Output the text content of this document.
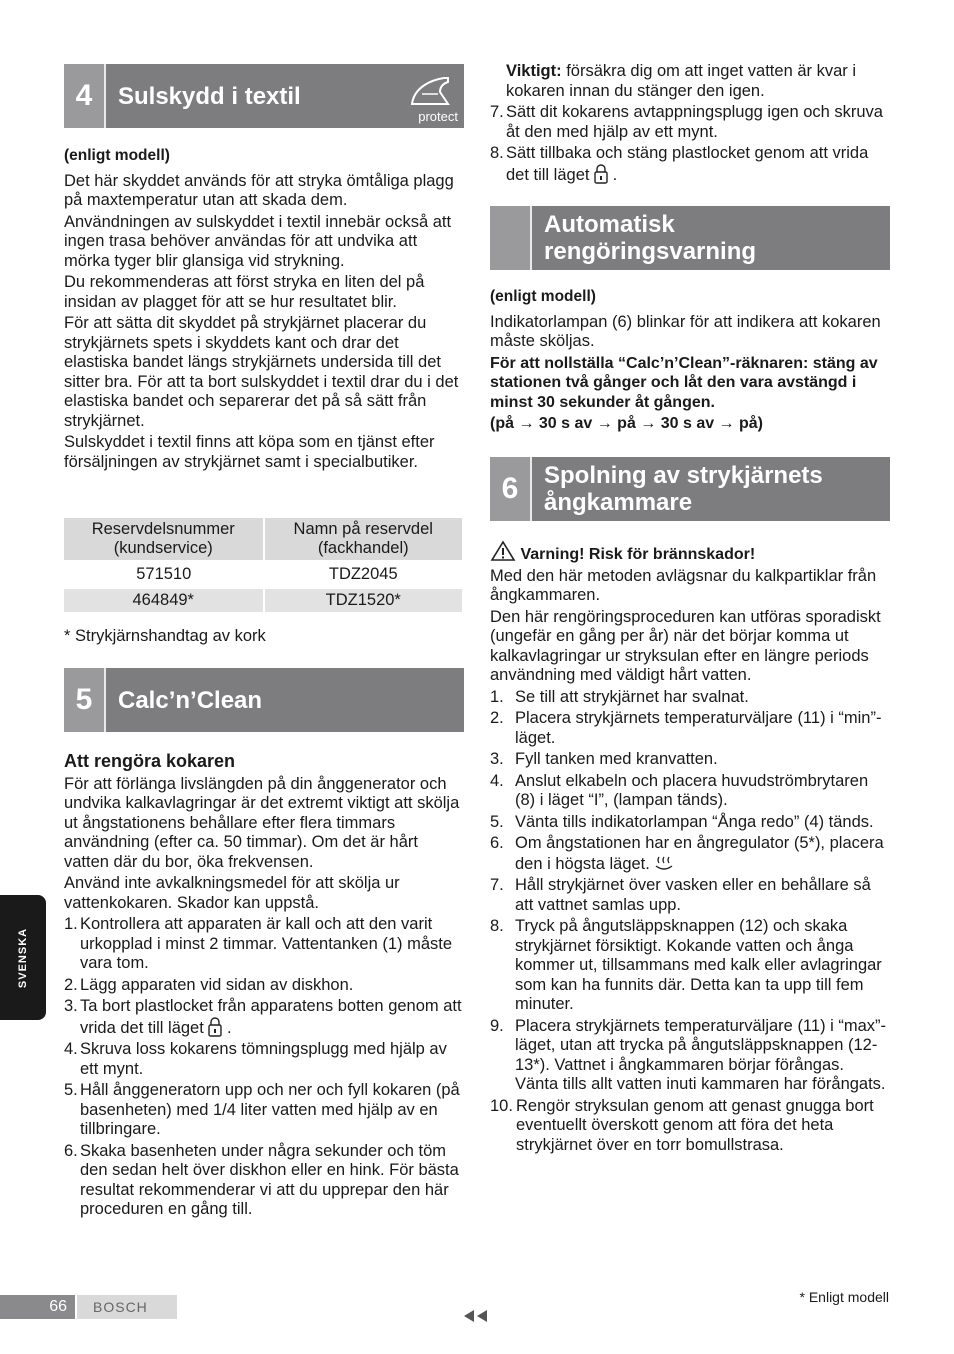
4	Sulskydd i textil
protect

(enligt modell)

Det här skyddet används för att stryka ömtåliga plagg på maxtemperatur utan att skada dem.

Användningen av sulskyddet i textil innebär också att ingen trasa behöver användas för att undvika att mörka tyger blir glansiga vid strykning.

Du rekommenderas att först stryka en liten del på insidan av plagget för att se hur resultatet blir.

För att sätta dit skyddet på strykjärnet placerar du strykjärnets spets i skyddets kant och drar det elastiska bandet längs strykjärnets undersida till det sitter bra. För att ta bort sulskyddet i textil drar du i det elastiska bandet och separerar det på så sätt från strykjärnet.

Sulskyddet i textil finns att köpa som en tjänst efter försäljningen av strykjärnet samt i specialbutiker.

Reservdelsnummer (kundservice)	Namn på reservdel (fackhandel)
571510	TDZ2045
464849*	TDZ1520*
* Strykjärnshandtag av kork
5	Calc’n’Clean

Att rengöra kokaren

För att förlänga livslängden på din ånggenerator och undvika kalkavlagringar är det extremt viktigt att skölja ut ångstationens behållare efter flera timmars användning (efter ca. 50 timmar). Om det är hårt vatten där du bor, öka frekvensen.

Använd inte avkalkningsmedel för att skölja ur vattenkokaren. Skador kan uppstå.

1. Kontrollera att apparaten är kall och att den varit urkopplad i minst 2 timmar. Vattentanken (1) måste vara tom.
2. Lägg apparaten vid sidan av diskhon.
3. Ta bort plastlocket från apparatens botten genom att vrida det till läget  .
4. Skruva loss kokarens tömningsplugg med hjälp av ett mynt.
5. Håll ånggeneratorn upp och ner och fyll kokaren (på basenheten) med 1/4 liter vatten med hjälp av en tillbringare.
6. Skaka basenheten under några sekunder och töm den sedan helt över diskhon eller en hink. För bästa resultat rekommenderar vi att du upprepar den här proceduren en gång till.

Viktigt: försäkra dig om att inget vatten är kvar i kokaren innan du stänger den igen.

7. Sätt dit kokarens avtappningsplugg igen och skruva åt den med hjälp av ett mynt.
8. Sätt tillbaka och stäng plastlocket genom att vrida det till läget  .
Automatisk rengöringsvarning

(enligt modell)

Indikatorlampan (6) blinkar för att indikera att kokaren måste sköljas.

För att nollställa “Calc’n’Clean”-räknaren: stäng av stationen två gånger och låt den vara avstängd i minst 30 sekunder åt gången.

(på → 30 s av → på → 30 s av → på)

6	Spolning av strykjärnets ångkammare

Varning! Risk för brännskador!

Med den här metoden avlägsnar du kalkpartiklar från ångkammaren.

Den här rengöringsproceduren kan utföras sporadiskt (ungefär en gång per år) när det börjar komma ut kalkavlagringar ur stryksulan efter en längre periods användning med väldigt hårt vatten.

1. Se till att strykjärnet har svalnat.
2. Placera strykjärnets temperaturväljare (11) i “min”-läget.
3. Fyll tanken med kranvatten.
4. Anslut elkabeln och placera huvudströmbrytaren (8) i läget “I”, (lampan tänds).
5. Vänta tills indikatorlampan “Ånga redo” (4) tänds.
6. Om ångstationen har en ångregulator (5*), placera den i högsta läget.
7. Håll strykjärnet över vasken eller en behållare så att vattnet samlas upp.
8. Tryck på ångutsläppsknappen (12) och skaka strykjärnet försiktigt. Kokande vatten och ånga kommer ut, tillsammans med kalk eller avlagringar som kan ha funnits där. Detta kan ta upp till fem minuter.
9. Placera strykjärnets temperaturväljare (11) i “max”-läget, utan att trycka på ångutsläppsknappen (12-13*). Vattnet i ångkammaren börjar förångas. Vänta tills allt vatten inuti kammaren har förångats.
10. Rengör stryksulan genom att genast gnugga bort eventuellt överskott genom att föra det heta strykjärnet över en torr bomullstrasa.
SVENSKA
66	BOSCH
* Enligt modell
